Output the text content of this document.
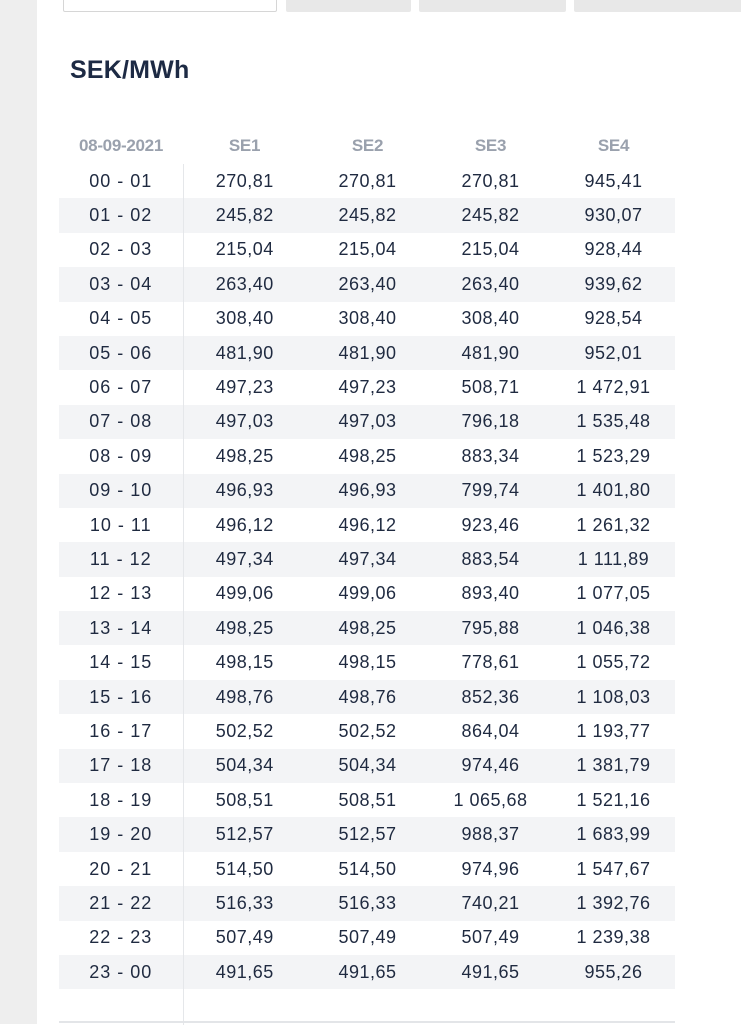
SEK/MWh
08-09-2021	SE1	SE2	SE3	SE4
00 - 01	270,81	270,81	270,81	945,41
01 - 02	245,82	245,82	245,82	930,07
02 - 03	215,04	215,04	215,04	928,44
03 - 04	263,40	263,40	263,40	939,62
04 - 05	308,40	308,40	308,40	928,54
05 - 06	481,90	481,90	481,90	952,01
06 - 07	497,23	497,23	508,71	1 472,91
07 - 08	497,03	497,03	796,18	1 535,48
08 - 09	498,25	498,25	883,34	1 523,29
09 - 10	496,93	496,93	799,74	1 401,80
10 - 11	496,12	496,12	923,46	1 261,32
11 - 12	497,34	497,34	883,54	1 111,89
12 - 13	499,06	499,06	893,40	1 077,05
13 - 14	498,25	498,25	795,88	1 046,38
14 - 15	498,15	498,15	778,61	1 055,72
15 - 16	498,76	498,76	852,36	1 108,03
16 - 17	502,52	502,52	864,04	1 193,77
17 - 18	504,34	504,34	974,46	1 381,79
18 - 19	508,51	508,51	1 065,68	1 521,16
19 - 20	512,57	512,57	988,37	1 683,99
20 - 21	514,50	514,50	974,96	1 547,67
21 - 22	516,33	516,33	740,21	1 392,76
22 - 23	507,49	507,49	507,49	1 239,38
23 - 00	491,65	491,65	491,65	955,26
